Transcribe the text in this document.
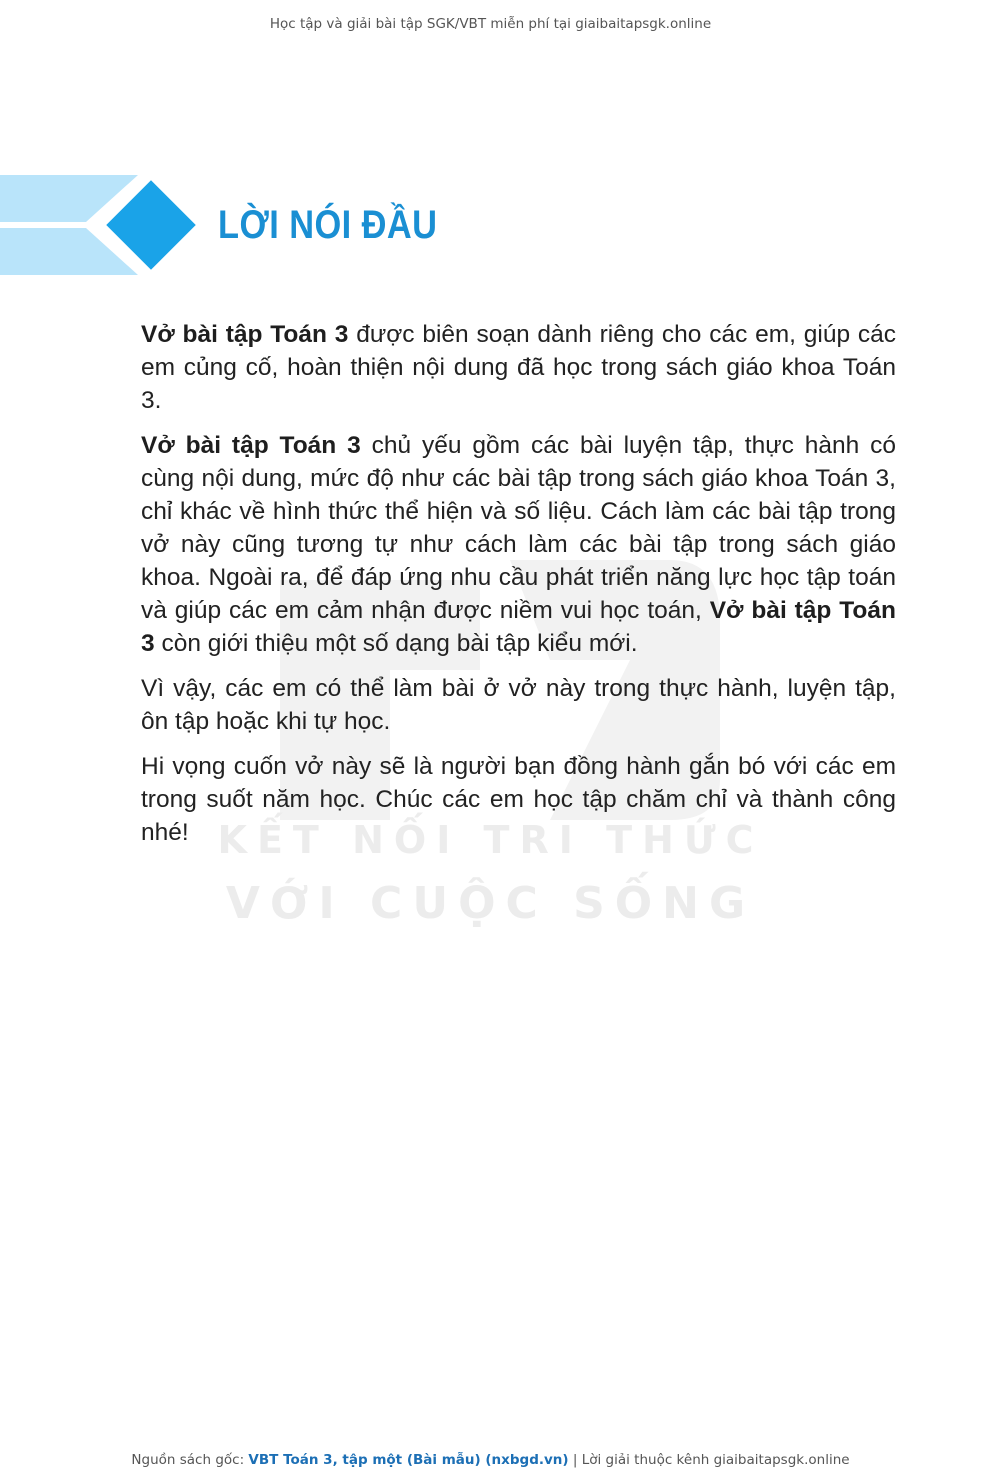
Học tập và giải bài tập SGK/VBT miễn phí tại giaibaitapsgk.online
LỜI NÓI ĐẦU
KẾT NỐI TRI THỨC
VỚI CUỘC SỐNG

Vở bài tập Toán 3 được biên soạn dành riêng cho các em, giúp các em củng cố, hoàn thiện nội dung đã học trong sách giáo khoa Toán 3.

Vở bài tập Toán 3 chủ yếu gồm các bài luyện tập, thực hành có cùng nội dung, mức độ như các bài tập trong sách giáo khoa Toán 3, chỉ khác về hình thức thể hiện và số liệu. Cách làm các bài tập trong vở này cũng tương tự như cách làm các bài tập trong sách giáo khoa. Ngoài ra, để đáp ứng nhu cầu phát triển năng lực học tập toán và giúp các em cảm nhận được niềm vui học toán, Vở bài tập Toán 3 còn giới thiệu một số dạng bài tập kiểu mới.

Vì vậy, các em có thể làm bài ở vở này trong thực hành, luyện tập, ôn tập hoặc khi tự học.

Hi vọng cuốn vở này sẽ là người bạn đồng hành gắn bó với các em trong suốt năm học. Chúc các em học tập chăm chỉ và thành công nhé!

Nguồn sách gốc: VBT Toán 3, tập một (Bài mẫu) (nxbgd.vn) | Lời giải thuộc kênh giaibaitapsgk.online
